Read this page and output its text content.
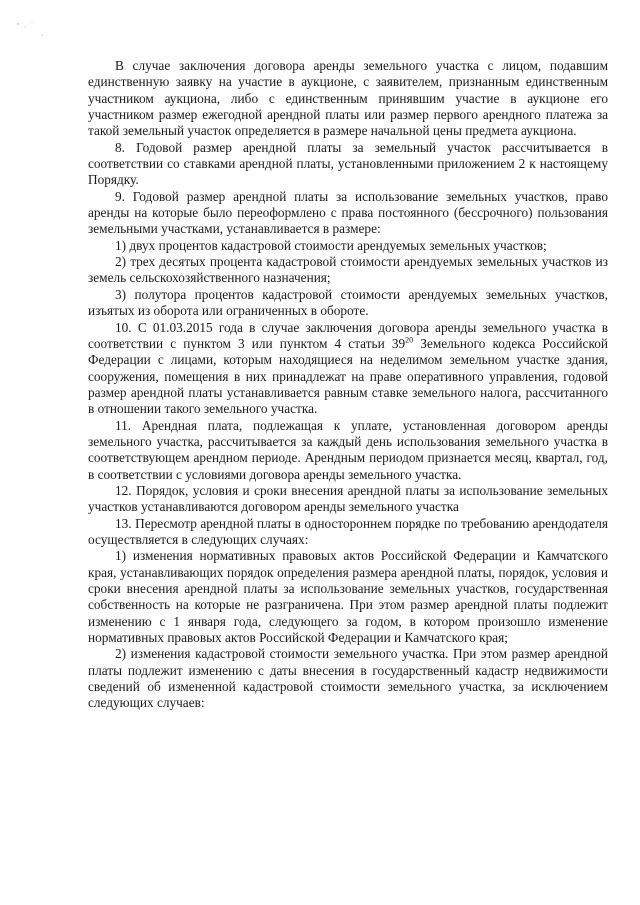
В случае заключения договора аренды земельного участка с лицом, подавшим единственную заявку на участие в аукционе, с заявителем, признанным единственным участником аукциона, либо с единственным принявшим участие в аукционе его участником размер ежегодной арендной платы или размер первого арендного платежа за такой земельный участок определяется в размере начальной цены предмета аукциона.

8. Годовой размер арендной платы за земельный участок рассчитывается в соответствии со ставками арендной платы, установленными приложением 2 к настоящему Порядку.

9. Годовой размер арендной платы за использование земельных участков, право аренды на которые было переоформлено с права постоянного (бессрочного) пользования земельными участками, устанавливается в размере:

1) двух процентов кадастровой стоимости арендуемых земельных участков;

2) трех десятых процента кадастровой стоимости арендуемых земельных участков из земель сельскохозяйственного назначения;

3) полутора процентов кадастровой стоимости арендуемых земельных участков, изъятых из оборота или ограниченных в обороте.

10. С 01.03.2015 года в случае заключения договора аренды земельного участка в соответствии с пунктом 3 или пунктом 4 статьи $39^{20}$ Земельного кодекса Российской Федерации с лицами, которым находящиеся на неделимом земельном участке здания, сооружения, помещения в них принадлежат на праве оперативного управления, годовой размер арендной платы устанавливается равным ставке земельного налога, рассчитанного в отношении такого земельного участка.

11. Арендная плата, подлежащая к уплате, установленная договором аренды земельного участка, рассчитывается за каждый день использования земельного участка в соответствующем арендном периоде. Арендным периодом признается месяц, квартал, год, в соответствии с условиями договора аренды земельного участка.

12. Порядок, условия и сроки внесения арендной платы за использование земельных участков устанавливаются договором аренды земельного участка

13. Пересмотр арендной платы в одностороннем порядке по требованию арендодателя осуществляется в следующих случаях:

1) изменения нормативных правовых актов Российской Федерации и Камчатского края, устанавливающих порядок определения размера арендной платы, порядок, условия и сроки внесения арендной платы за использование земельных участков, государственная собственность на которые не разграничена. При этом размер арендной платы подлежит изменению с 1 января года, следующего за годом, в котором произошло изменение нормативных правовых актов Российской Федерации и Камчатского края;

2) изменения кадастровой стоимости земельного участка. При этом размер арендной платы подлежит изменению с даты внесения в государственный кадастр недвижимости сведений об измененной кадастровой стоимости земельного участка, за исключением следующих случаев:
